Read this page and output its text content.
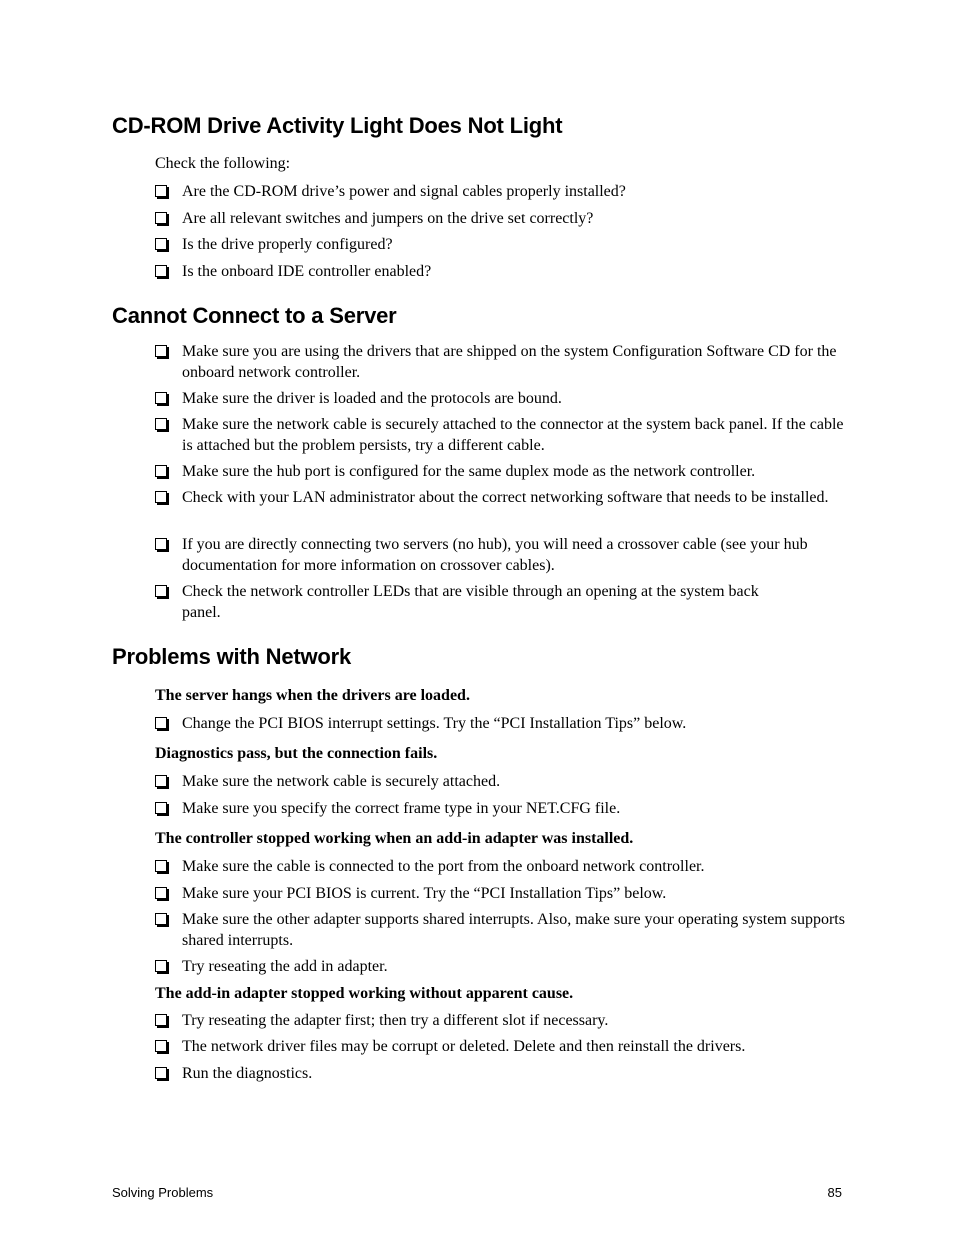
CD-ROM Drive Activity Light Does Not Light

Check the following:

Are the CD-ROM drive’s power and signal cables properly installed?
Are all relevant switches and jumpers on the drive set correctly?
Is the drive properly configured?
Is the onboard IDE controller enabled?
Cannot Connect to a Server
Make sure you are using the drivers that are shipped on the system Configuration Software CD for the onboard network controller.
Make sure the driver is loaded and the protocols are bound.
Make sure the network cable is securely attached to the connector at the system back panel. If the cable is attached but the problem persists, try a different cable.
Make sure the hub port is configured for the same duplex mode as the network controller.
Check with your LAN administrator about the correct networking software that needs to be installed.
If you are directly connecting two servers (no hub), you will need a crossover cable (see your hub documentation for more information on crossover cables).
Check the network controller LEDs that are visible through an opening at the system back panel.
Problems with Network

The server hangs when the drivers are loaded.

Change the PCI BIOS interrupt settings. Try the “PCI Installation Tips” below.

Diagnostics pass, but the connection fails.

Make sure the network cable is securely attached.
Make sure you specify the correct frame type in your NET.CFG file.

The controller stopped working when an add-in adapter was installed.

Make sure the cable is connected to the port from the onboard network controller.
Make sure your PCI BIOS is current. Try the “PCI Installation Tips” below.
Make sure the other adapter supports shared interrupts. Also, make sure your operating system supports shared interrupts.
Try reseating the add in adapter.

The add-in adapter stopped working without apparent cause.

Try reseating the adapter first; then try a different slot if necessary.
The network driver files may be corrupt or deleted. Delete and then reinstall the drivers.
Run the diagnostics.
Solving Problems	85
